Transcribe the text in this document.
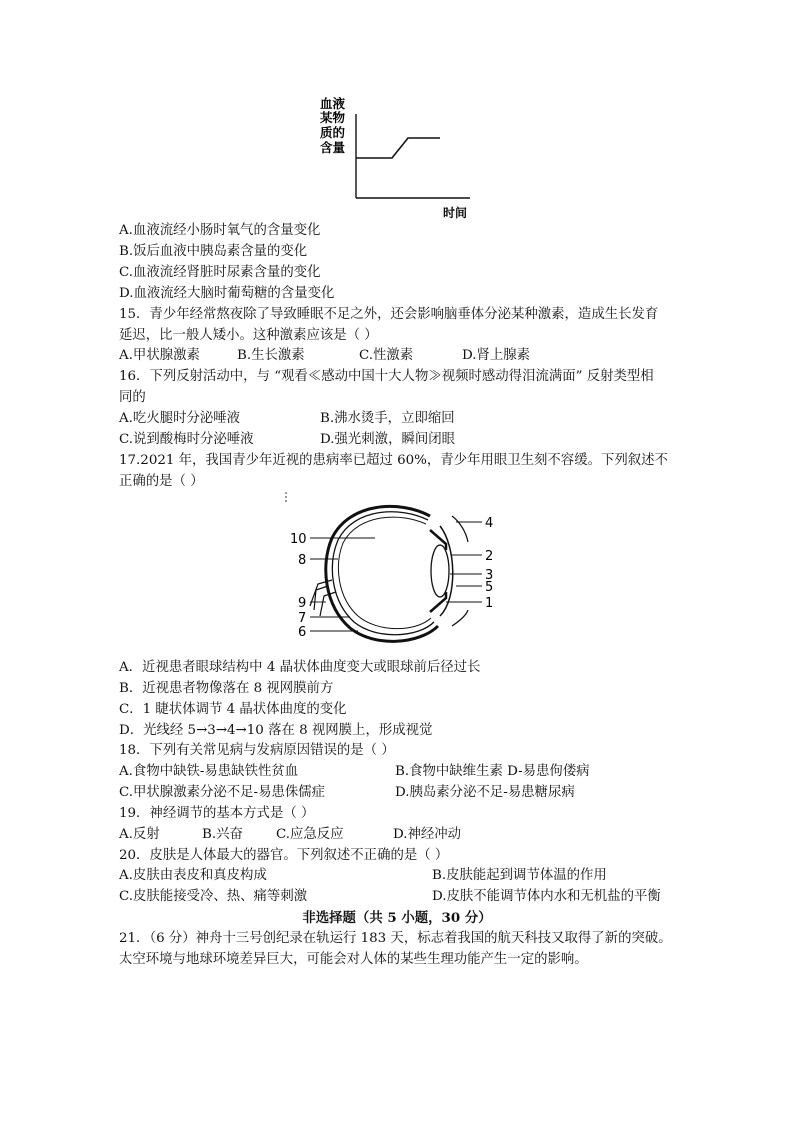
血液
某物
质的
含量
时间
A.血液流经小肠时氧气的含量变化
B.饭后血液中胰岛素含量的变化
C.血液流经肾脏时尿素含量的变化
D.血液流经大脑时葡萄糖的含量变化
15．青少年经常熬夜除了导致睡眠不足之外，还会影响脑垂体分泌某种激素，造成生长发育
延迟，比一般人矮小。这种激素应该是（ ）
A.甲状腺激素	B.生长激素	C.性激素	D.肾上腺素
16．下列反射活动中，与 “观看≪感动中国十大人物≫视频时感动得泪流满面” 反射类型相
同的
A.吃火腿时分泌唾液	B.沸水烫手，立即缩回
C.说到酸梅时分泌唾液	D.强光刺激，瞬间闭眼
17.2021 年，我国青少年近视的患病率已超过 60%，青少年用眼卫生刻不容缓。下列叙述不
正确的是（ ）
10
8
9
7
6
4
2
3
5
1
A．近视患者眼球结构中 4 晶状体曲度变大或眼球前后径过长
B．近视患者物像落在 8 视网膜前方
C．1 睫状体调节 4 晶状体曲度的变化
D．光线经 5→3→4→10 落在 8 视网膜上，形成视觉
18．下列有关常见病与发病原因错误的是（ ）
A.食物中缺铁-易患缺铁性贫血	B.食物中缺维生素 D-易患佝偻病
C.甲状腺激素分泌不足-易患侏儒症	D.胰岛素分泌不足-易患糖尿病
19．神经调节的基本方式是（ ）
A.反射	B.兴奋 C.应急反应	D.神经冲动
20．皮肤是人体最大的器官。下列叙述不正确的是（ ）
A.皮肤由表皮和真皮构成	B.皮肤能起到调节体温的作用
C.皮肤能接受冷、热、痛等刺激	D.皮肤不能调节体内水和无机盐的平衡
非选择题（共 5 小题，30 分）
21．（6 分）神舟十三号创纪录在轨运行 183 天，标志着我国的航天科技又取得了新的突破。
太空环境与地球环境差异巨大，可能会对人体的某些生理功能产生一定的影响。
